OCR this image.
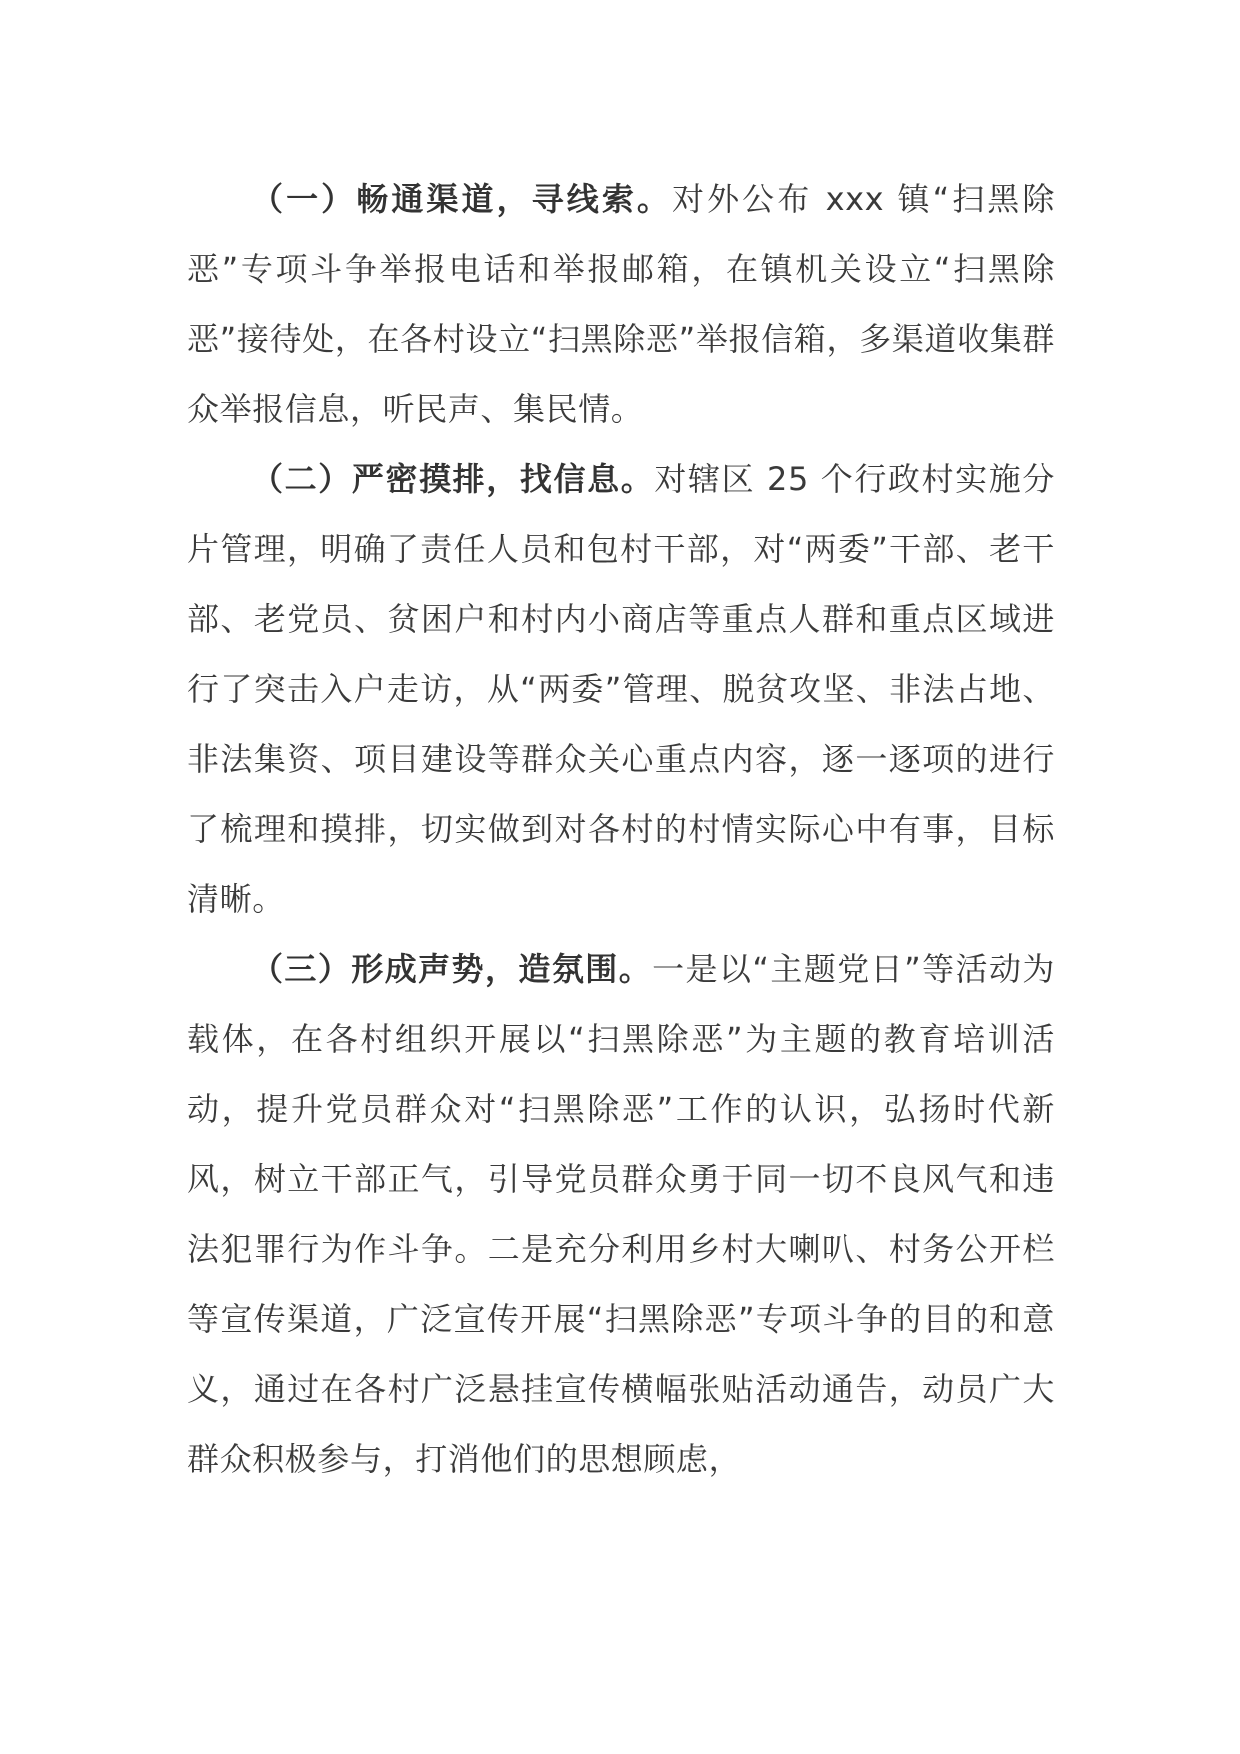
（一）畅通渠道，寻线索。对外公布 xxx 镇“扫黑除恶”专项斗争举报电话和举报邮箱，在镇机关设立“扫黑除恶”接待处，在各村设立“扫黑除恶”举报信箱，多渠道收集群众举报信息，听民声、集民情。

（二）严密摸排，找信息。对辖区 25 个行政村实施分片管理，明确了责任人员和包村干部，对“两委”干部、老干部、老党员、贫困户和村内小商店等重点人群和重点区域进行了突击入户走访，从“两委”管理、脱贫攻坚、非法占地、非法集资、项目建设等群众关心重点内容，逐一逐项的进行了梳理和摸排，切实做到对各村的村情实际心中有事，目标清晰。

（三）形成声势，造氛围。一是以“主题党日”等活动为载体，在各村组织开展以“扫黑除恶”为主题的教育培训活动，提升党员群众对“扫黑除恶”工作的认识，弘扬时代新风，树立干部正气，引导党员群众勇于同一切不良风气和违法犯罪行为作斗争。二是充分利用乡村大喇叭、村务公开栏等宣传渠道，广泛宣传开展“扫黑除恶”专项斗争的目的和意义，通过在各村广泛悬挂宣传横幅张贴活动通告，动员广大群众积极参与，打消他们的思想顾虑，
